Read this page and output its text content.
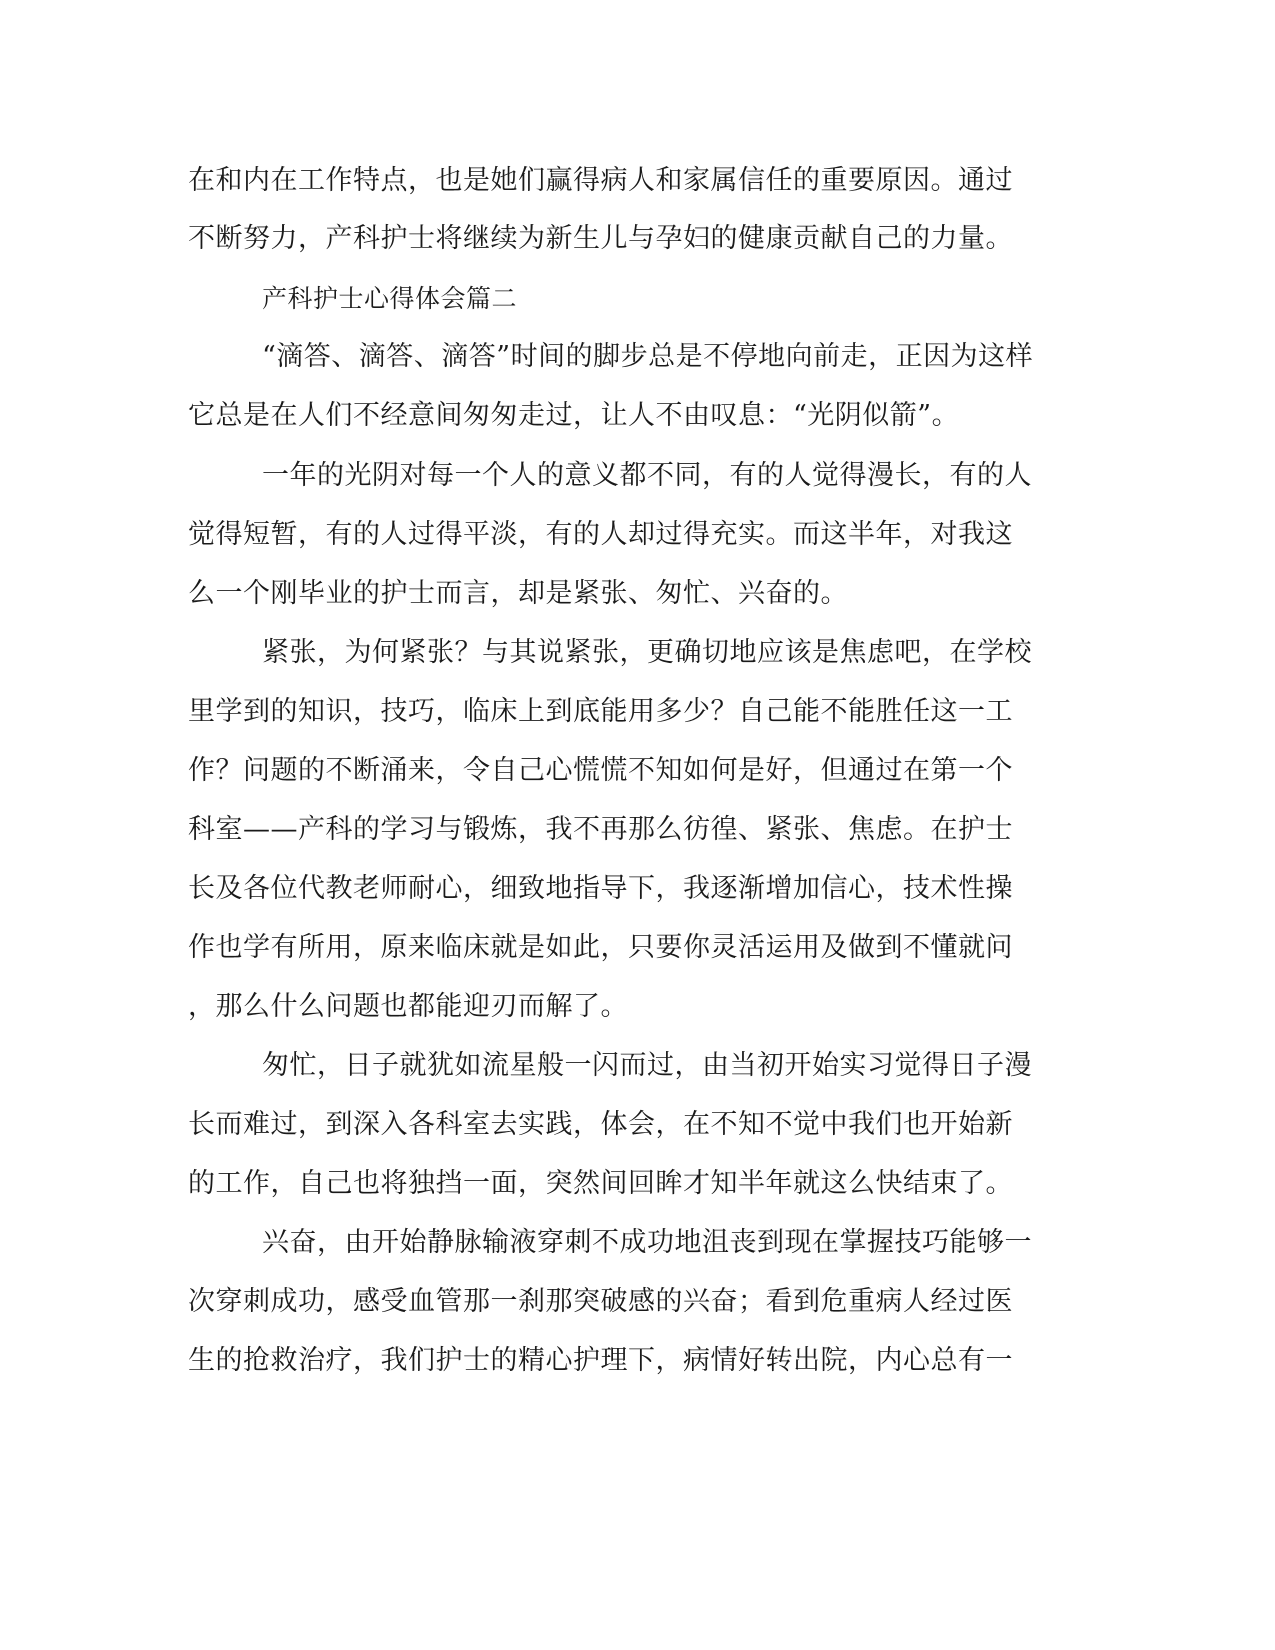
在和内在工作特点，也是她们赢得病人和家属信任的重要原因。通过
不断努力，产科护士将继续为新生儿与孕妇的健康贡献自己的力量。
产科护士心得体会篇二
“滴答、滴答、滴答”时间的脚步总是不停地向前走，正因为这样
它总是在人们不经意间匆匆走过，让人不由叹息：“光阴似箭”。
一年的光阴对每一个人的意义都不同，有的人觉得漫长，有的人
觉得短暂，有的人过得平淡，有的人却过得充实。而这半年，对我这
么一个刚毕业的护士而言，却是紧张、匆忙、兴奋的。
紧张，为何紧张？与其说紧张，更确切地应该是焦虑吧，在学校
里学到的知识，技巧，临床上到底能用多少？自己能不能胜任这一工
作？问题的不断涌来，令自己心慌慌不知如何是好，但通过在第一个
科室——产科的学习与锻炼，我不再那么彷徨、紧张、焦虑。在护士
长及各位代教老师耐心，细致地指导下，我逐渐增加信心，技术性操
作也学有所用，原来临床就是如此，只要你灵活运用及做到不懂就问
，那么什么问题也都能迎刃而解了。
匆忙，日子就犹如流星般一闪而过，由当初开始实习觉得日子漫
长而难过，到深入各科室去实践，体会，在不知不觉中我们也开始新
的工作，自己也将独挡一面，突然间回眸才知半年就这么快结束了。
兴奋，由开始静脉输液穿刺不成功地沮丧到现在掌握技巧能够一
次穿刺成功，感受血管那一刹那突破感的兴奋；看到危重病人经过医
生的抢救治疗，我们护士的精心护理下，病情好转出院，内心总有一
